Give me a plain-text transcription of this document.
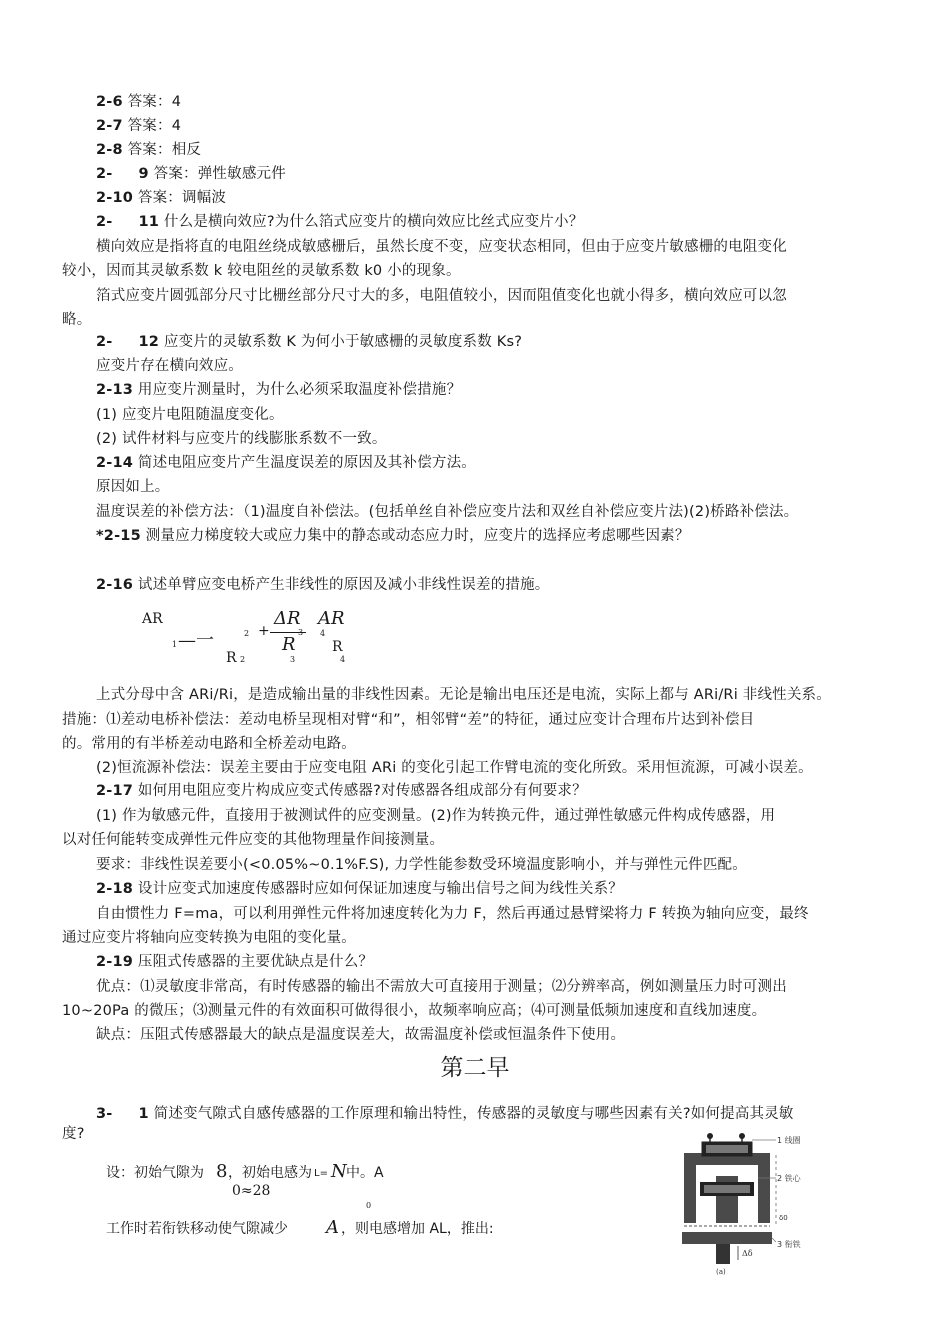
2-6 答案：4
2-7 答案：4
2-8 答案：相反
2- 9 答案：弹性敏感元件
2-10 答案：调幅波
2- 11 什么是横向效应?为什么箔式应变片的横向效应比丝式应变片小？
横向效应是指将直的电阻丝绕成敏感栅后，虽然长度不变，应变状态相同，但由于应变片敏感栅的电阻变化
较小，因而其灵敏系数 k 较电阻丝的灵敏系数 k0 小的现象。
箔式应变片圆弧部分尺寸比栅丝部分尺寸大的多，电阻值较小，因而阻值变化也就小得多，横向效应可以忽
略。
2- 12 应变片的灵敏系数 K 为何小于敏感栅的灵敏度系数 Ks?
应变片存在横向效应。
2-13 用应变片测量时，为什么必须采取温度补偿措施？
(1) 应变片电阻随温度变化。
(2) 试件材料与应变片的线膨胀系数不一致。
2-14 简述电阻应变片产生温度误差的原因及其补偿方法。
原因如上。
温度误差的补偿方法：（1)温度自补偿法。(包括单丝自补偿应变片法和双丝自补偿应变片法)(2)桥路补偿法。
*2-15 测量应力梯度较大或应力集中的静态或动态应力时，应变片的选择应考虑哪些因素？
2-16 试述单臂应变电桥产生非线性的原因及减小非线性误差的措施。
上式分母中含 ARi/Ri，是造成输出量的非线性因素。无论是输出电压还是电流，实际上都与 ARi/Ri 非线性关系。
措施：⑴差动电桥补偿法：差动电桥呈现相对臂“和”，相邻臂“差”的特征，通过应变计合理布片达到补偿目
的。常用的有半桥差动电路和全桥差动电路。
(2)恒流源补偿法：误差主要由于应变电阻 ARi 的变化引起工作臂电流的变化所致。采用恒流源，可减小误差。
2-17 如何用电阻应变片构成应变式传感器?对传感器各组成部分有何要求？
(1) 作为敏感元件，直接用于被测试件的应变测量。(2)作为转换元件，通过弹性敏感元件构成传感器，用
以对任何能转变成弹性元件应变的其他物理量作间接测量。
要求：非线性误差要小(<0.05%~0.1%F.S), 力学性能参数受环境温度影响小，并与弹性元件匹配。
2-18 设计应变式加速度传感器时应如何保证加速度与输出信号之间为线性关系？
自由惯性力 F=ma，可以利用弹性元件将加速度转化为力 F，然后再通过悬臂梁将力 F 转换为轴向应变，最终
通过应变片将轴向应变转换为电阻的变化量。
2-19 压阻式传感器的主要优缺点是什么？
优点：⑴灵敏度非常高，有时传感器的输出不需放大可直接用于测量；⑵分辨率高，例如测量压力时可测出
10~20Pa 的微压；⑶测量元件的有效面积可做得很小，故频率响应高；⑷可测量低频加速度和直线加速度。
缺点：压阻式传感器最大的缺点是温度误差大，故需温度补偿或恒温条件下使用。
3- 1 简述变气隙式自感传感器的工作原理和输出特性，传感器的灵敏度与哪些因素有关?如何提高其灵敏
度?
第二早
AR
1 —一	2 +
ΔR
3
R
AR
4
R 2	3
R
4
设：初始气隙为 8 ，初始电感为 L= N 中。A
0≈28
0
工作时若衔铁移动使气隙减少 A ，则电感增加 AL，推出:
1 线圈
2 铁心
3 衔铁
δ0
Δδ
(a)
